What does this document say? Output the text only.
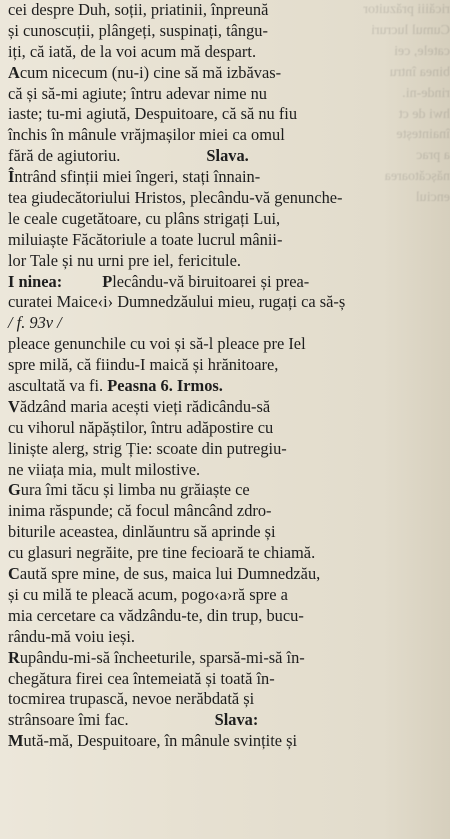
ricăiii prăzuitor
Cumul lucruri
catele, cei
binea întru
rinde-ni.
hwi de ct
înaintește
a prac
nășcătoarea
enciul
cei despre Duh, soții, priatinii, înpreună
și cunoscuții, plângeți, suspinați, tângu-
iți, că iată, de la voi acum mă despart.
Acum nicecum (nu-i) cine să mă izbăvas-
că și să-mi agiute; întru adevar nime nu
iaste; tu-mi agiută, Despuitoare, că să nu fiu
închis în mânule vrăjmașilor miei ca omul
fără de agiutoriu.	Slava.
Întrând sfinții miei îngeri, stați înnain-
tea giudecătoriului Hristos, plecându-vă genunche-
le ceale cugetătoare, cu plâns strigați Lui,
miluiaște Făcătoriule a toate lucrul mânii-
lor Tale și nu urni pre iel, fericitule.
I ninea: Plecându-vă biruitoarei și prea-
curatei Maice‹i› Dumnedzăului mieu, rugați ca să-ș
/ f. 93v /
pleace genunchile cu voi și să-l pleace pre Iel
spre milă, că fiindu-I maică și hrănitoare,
ascultată va fi. Peasna 6. Irmos.
Vădzând maria acești vieți rădicându-să
cu vihorul năpăștilor, întru adăpostire cu
liniște alerg, strig Ție: scoate din putregiu-
ne viiața mia, mult milostive.
Gura îmi tăcu și limba nu grăiaște ce
inima răspunde; că focul mâncând zdro-
biturile aceastea, dinlăuntru să aprinde și
cu glasuri negrăite, pre tine fecioară te chiamă.
Caută spre mine, de sus, maica lui Dumnedzău,
și cu milă te pleacă acum, pogo‹a›ră spre a
mia cercetare ca vădzându-te, din trup, bucu-
rându-mă voiu ieși.
Rupându-mi-să încheeturile, sparsă-mi-să în-
chegătura firei cea întemeiată și toată în-
tocmirea trupască, nevoe nerăbdată și
strânsoare îmi fac.	Slava:
Mută-mă, Despuitoare, în mânule svințite și
